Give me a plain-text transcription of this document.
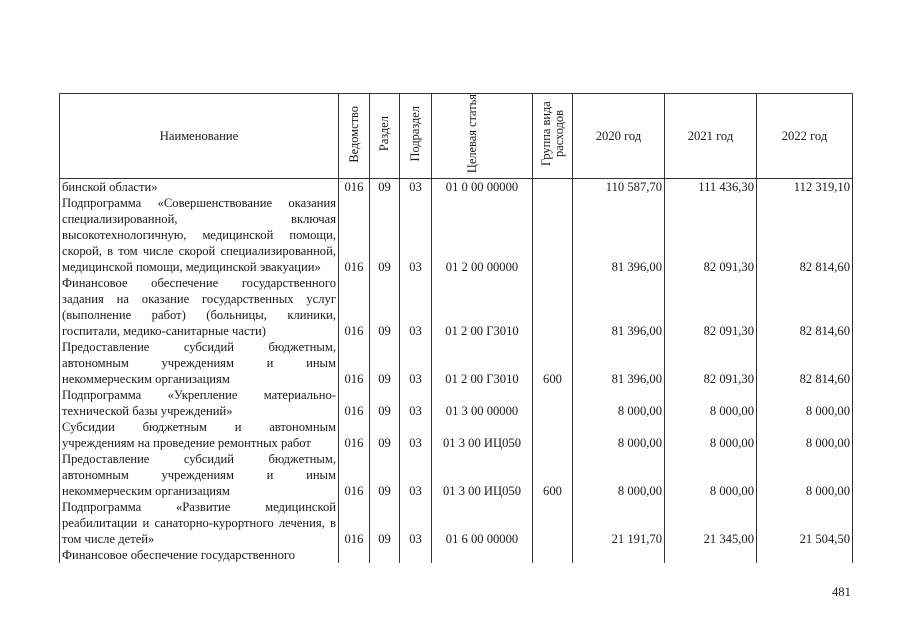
Наименование	Ведомство	Раздел	Подраздел	Целевая статья	Группа вида расходов	2020 год	2021 год	2022 год
бинской области»	016	09	03	01 0 00 00000		110 587,70	111 436,30	112 319,10
Подпрограмма «Совершенствование оказания специализированной, включая высокотехнологичную, медицинской помощи, скорой, в том числе скорой специализированной, медицинской помощи, медицинской эвакуации»	016	09	03	01 2 00 00000		81 396,00	82 091,30	82 814,60
Финансовое обеспечение государственного задания на оказание государственных услуг (выполнение работ) (больницы, клиники, госпитали, медико-санитарные части)	016	09	03	01 2 00 Г3010		81 396,00	82 091,30	82 814,60
Предоставление субсидий бюджетным, автономным учреждениям и иным некоммерческим организациям	016	09	03	01 2 00 Г3010	600	81 396,00	82 091,30	82 814,60
Подпрограмма «Укрепление материально-технической базы учреждений»	016	09	03	01 3 00 00000		8 000,00	8 000,00	8 000,00
Субсидии бюджетным и автономным учреждениям на проведение ремонтных работ	016	09	03	01 3 00 ИЦ050		8 000,00	8 000,00	8 000,00
Предоставление субсидий бюджетным, автономным учреждениям и иным некоммерческим организациям	016	09	03	01 3 00 ИЦ050	600	8 000,00	8 000,00	8 000,00
Подпрограмма «Развитие медицинской реабилитации и санаторно-курортного лечения, в том числе детей»	016	09	03	01 6 00 00000		21 191,70	21 345,00	21 504,50
Финансовое обеспечение государственного								
481
